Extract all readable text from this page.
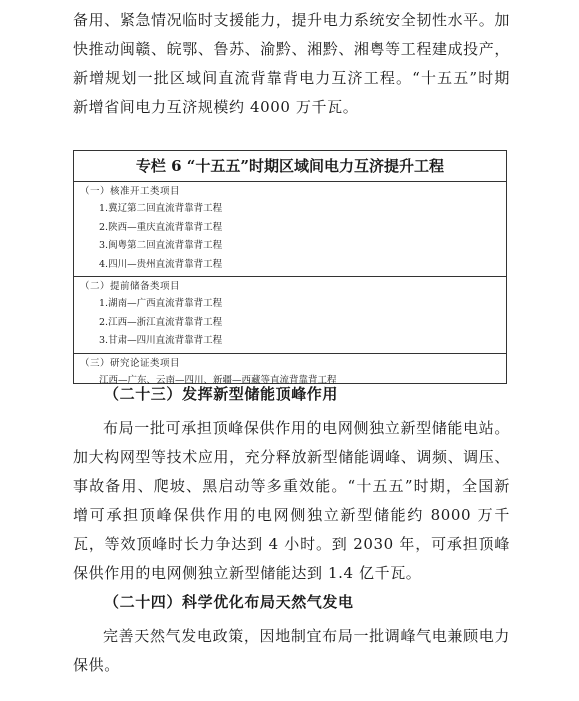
备用、紧急情况临时支援能力，提升电力系统安全韧性水平。加快推动闽赣、皖鄂、鲁苏、渝黔、湘黔、湘粤等工程建成投产，新增规划一批区域间直流背靠背电力互济工程。“十五五”时期新增省间电力互济规模约 4000 万千瓦。

专栏 6 “十五五”时期区域间电力互济提升工程
（一）核准开工类项目
1.冀辽第二回直流背靠背工程
2.陕西—重庆直流背靠背工程
3.闽粤第二回直流背靠背工程
4.四川—贵州直流背靠背工程
（二）提前储备类项目
1.湖南—广西直流背靠背工程
2.江西—浙江直流背靠背工程
3.甘肃—四川直流背靠背工程
（三）研究论证类项目
江西—广东、云南—四川、新疆—西藏等直流背靠背工程

（二十三）发挥新型储能顶峰作用

布局一批可承担顶峰保供作用的电网侧独立新型储能电站。加大构网型等技术应用，充分释放新型储能调峰、调频、调压、事故备用、爬坡、黑启动等多重效能。“十五五”时期，全国新增可承担顶峰保供作用的电网侧独立新型储能约 8000 万千瓦，等效顶峰时长力争达到 4 小时。到 2030 年，可承担顶峰保供作用的电网侧独立新型储能达到 1.4 亿千瓦。

（二十四）科学优化布局天然气发电

完善天然气发电政策，因地制宜布局一批调峰气电兼顾电力保供。
